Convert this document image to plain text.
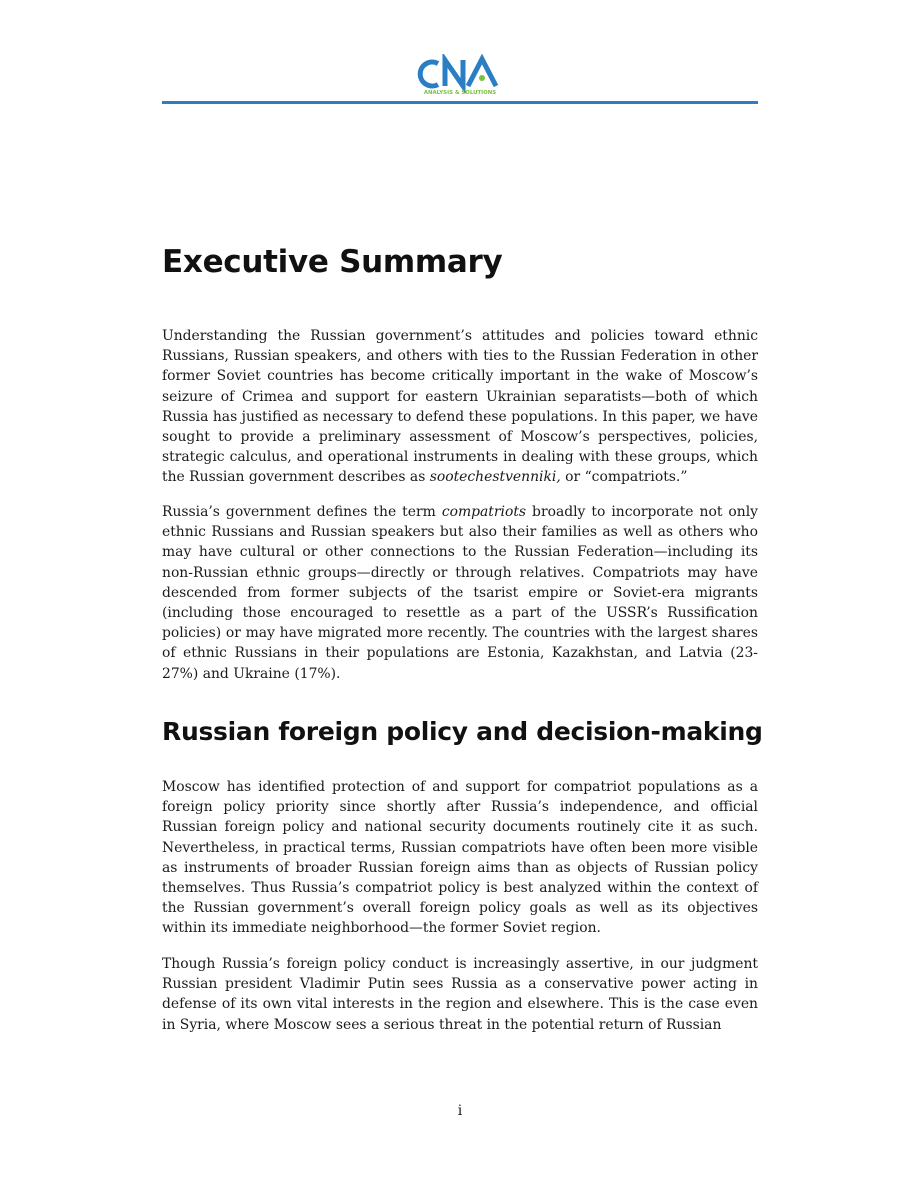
ANALYSIS & SOLUTIONS
Executive Summary

Understanding the Russian government’s attitudes and policies toward ethnic Russians, Russian speakers, and others with ties to the Russian Federation in other former Soviet countries has become critically important in the wake of Moscow’s seizure of Crimea and support for eastern Ukrainian separatists—both of which Russia has justified as necessary to defend these populations. In this paper, we have sought to provide a preliminary assessment of Moscow’s perspectives, policies, strategic calculus, and operational instruments in dealing with these groups, which the Russian government describes as sootechestvenniki, or “compatriots.”

Russia’s government defines the term compatriots broadly to incorporate not only ethnic Russians and Russian speakers but also their families as well as others who may have cultural or other connections to the Russian Federation—including its non-Russian ethnic groups—directly or through relatives. Compatriots may have descended from former subjects of the tsarist empire or Soviet-era migrants (including those encouraged to resettle as a part of the USSR’s Russification policies) or may have migrated more recently. The countries with the largest shares of ethnic Russians in their populations are Estonia, Kazakhstan, and Latvia (23-27%) and Ukraine (17%).

Russian foreign policy and decision-making

Moscow has identified protection of and support for compatriot populations as a foreign policy priority since shortly after Russia’s independence, and official Russian foreign policy and national security documents routinely cite it as such. Nevertheless, in practical terms, Russian compatriots have often been more visible as instruments of broader Russian foreign aims than as objects of Russian policy themselves. Thus Russia’s compatriot policy is best analyzed within the context of the Russian government’s overall foreign policy goals as well as its objectives within its immediate neighborhood—the former Soviet region.

Though Russia’s foreign policy conduct is increasingly assertive, in our judgment Russian president Vladimir Putin sees Russia as a conservative power acting in defense of its own vital interests in the region and elsewhere. This is the case even in Syria, where Moscow sees a serious threat in the potential return of Russian

i
